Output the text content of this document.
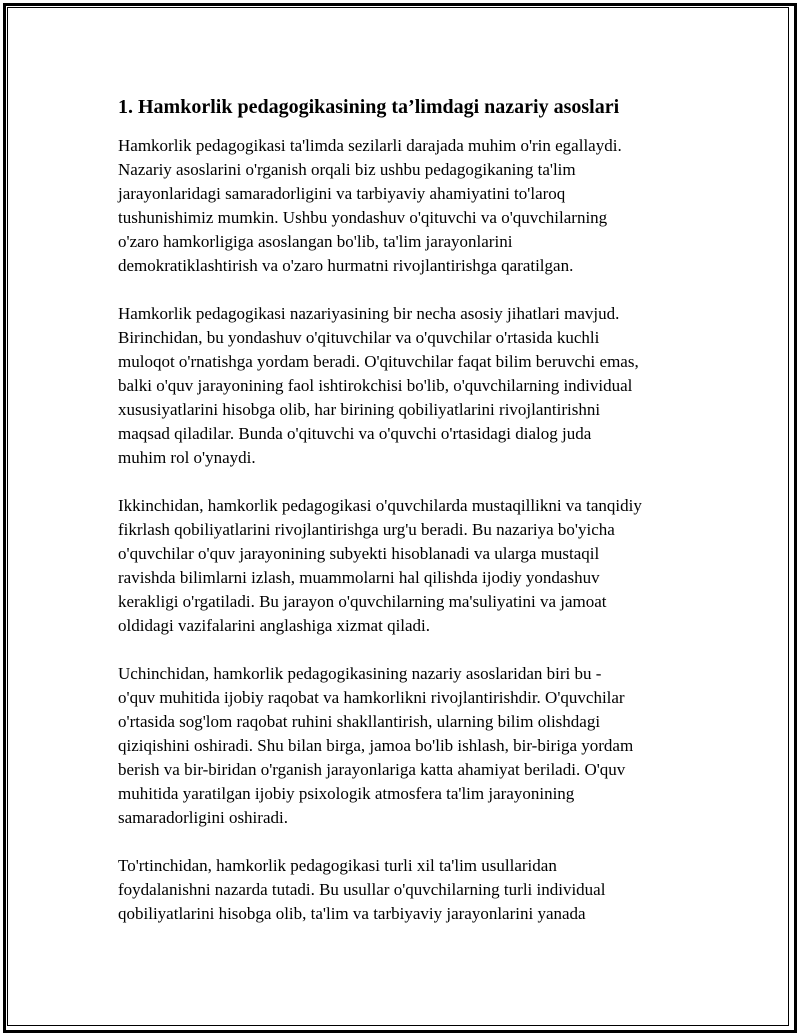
1. Hamkorlik pedagogikasining ta’limdagi nazariy asoslari
Hamkorlik pedagogikasi ta'limda sezilarli darajada muhim o'rin egallaydi.
Nazariy asoslarini o'rganish orqali biz ushbu pedagogikaning ta'lim
jarayonlaridagi samaradorligini va tarbiyaviy ahamiyatini to'laroq
tushunishimiz mumkin. Ushbu yondashuv o'qituvchi va o'quvchilarning
o'zaro hamkorligiga asoslangan bo'lib, ta'lim jarayonlarini
demokratiklashtirish va o'zaro hurmatni rivojlantirishga qaratilgan.
Hamkorlik pedagogikasi nazariyasining bir necha asosiy jihatlari mavjud.
Birinchidan, bu yondashuv o'qituvchilar va o'quvchilar o'rtasida kuchli
muloqot o'rnatishga yordam beradi. O'qituvchilar faqat bilim beruvchi emas,
balki o'quv jarayonining faol ishtirokchisi bo'lib, o'quvchilarning individual
xususiyatlarini hisobga olib, har birining qobiliyatlarini rivojlantirishni
maqsad qiladilar. Bunda o'qituvchi va o'quvchi o'rtasidagi dialog juda
muhim rol o'ynaydi.
Ikkinchidan, hamkorlik pedagogikasi o'quvchilarda mustaqillikni va tanqidiy
fikrlash qobiliyatlarini rivojlantirishga urg'u beradi. Bu nazariya bo'yicha
o'quvchilar o'quv jarayonining subyekti hisoblanadi va ularga mustaqil
ravishda bilimlarni izlash, muammolarni hal qilishda ijodiy yondashuv
kerakligi o'rgatiladi. Bu jarayon o'quvchilarning ma'suliyatini va jamoat
oldidagi vazifalarini anglashiga xizmat qiladi.
Uchinchidan, hamkorlik pedagogikasining nazariy asoslaridan biri bu -
o'quv muhitida ijobiy raqobat va hamkorlikni rivojlantirishdir. O'quvchilar
o'rtasida sog'lom raqobat ruhini shakllantirish, ularning bilim olishdagi
qiziqishini oshiradi. Shu bilan birga, jamoa bo'lib ishlash, bir-biriga yordam
berish va bir-biridan o'rganish jarayonlariga katta ahamiyat beriladi. O'quv
muhitida yaratilgan ijobiy psixologik atmosfera ta'lim jarayonining
samaradorligini oshiradi.
To'rtinchidan, hamkorlik pedagogikasi turli xil ta'lim usullaridan
foydalanishni nazarda tutadi. Bu usullar o'quvchilarning turli individual
qobiliyatlarini hisobga olib, ta'lim va tarbiyaviy jarayonlarini yanada
